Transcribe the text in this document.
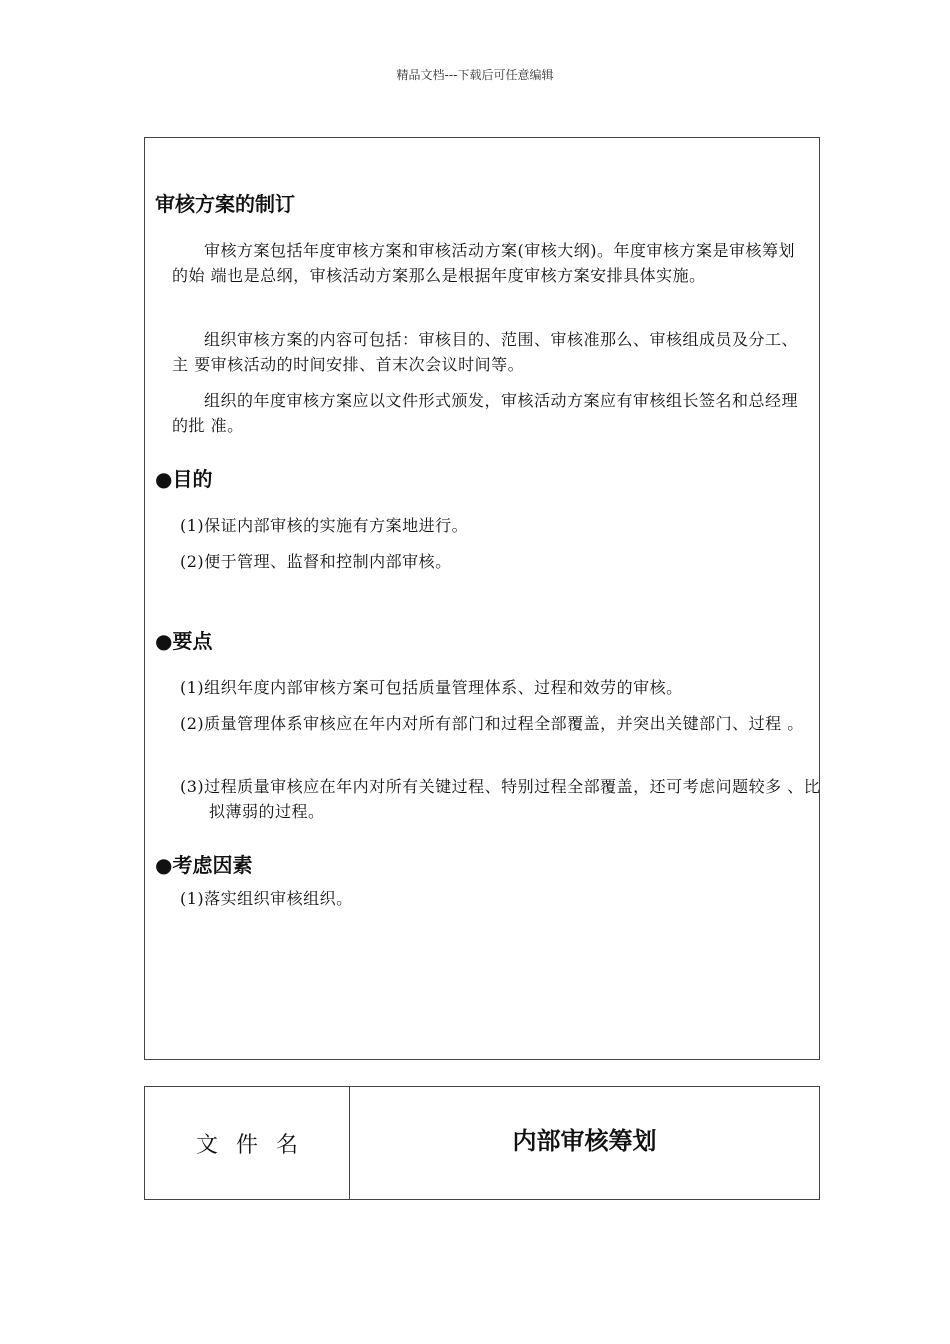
精品文档---下载后可任意编辑
审核方案的制订

审核方案包括年度审核方案和审核活动方案(审核大纲)。年度审核方案是审核筹划的始 端也是总纲，审核活动方案那么是根据年度审核方案安排具体实施。

组织审核方案的内容可包括：审核目的、范围、审核准那么、审核组成员及分工、主 要审核活动的时间安排、首末次会议时间等。

组织的年度审核方案应以文件形式颁发，审核活动方案应有审核组长签名和总经理的批 准。

●目的

(1)保证内部审核的实施有方案地进行。

(2)便于管理、监督和控制内部审核。

●要点

(1)组织年度内部审核方案可包括质量管理体系、过程和效劳的审核。

(2)质量管理体系审核应在年内对所有部门和过程全部覆盖，并突出关键部门、过程 。

(3)过程质量审核应在年内对所有关键过程、特别过程全部覆盖，还可考虑问题较多 、比拟薄弱的过程。

●考虑因素

(1)落实组织审核组织。

文件名	内部审核筹划
